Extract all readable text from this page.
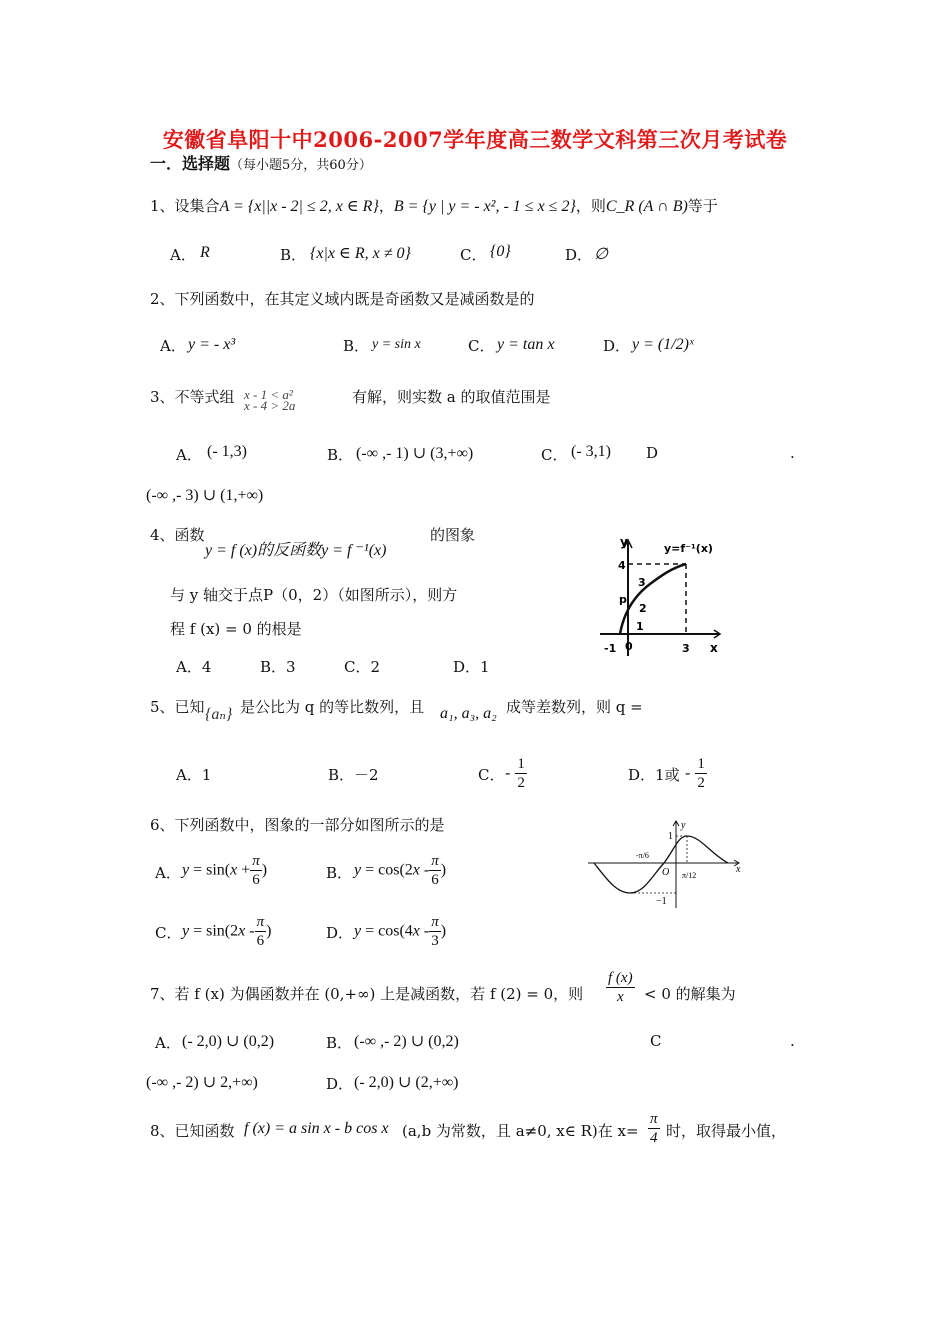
安徽省阜阳十中2006-2007学年度高三数学文科第三次月考试卷
一．选择题（每小题5分，共60分）
1、设集合A = {x||x - 2| ≤ 2, x ∈ R}，B = {y | y = - x², - 1 ≤ x ≤ 2}，则C_R (A ∩ B)等于
A． R	B． {x|x ∈ R, x ≠ 0}	C． {0}	D． ∅
2、下列函数中，在其定义域内既是奇函数又是减函数是的
A． y = - x³	B． y = sin x	C． y = tan x	D． y = (1/2)ˣ
3、不等式组 x - 1 < a²
x - 4 > 2a	有解，则实数 a 的取值范围是
A． (- 1,3)	B． (-∞ ,- 1) ∪ (3,+∞)	C． (- 3,1) D	.
(-∞ ,- 3) ∪ (1,+∞)
4、函数
y = f (x)的反函数y = f ⁻¹(x)
的图象
与 y 轴交于点P（0，2）（如图所示），则方
程 f (x) = 0 的根是
A．4	B．3	C．2	D．1
y
x
y=f⁻¹(x)
4
3
p
2
1
-1 0	3
5、已知 {aₙ} 是公比为 q 的等比数列，且 a₁, a₃, a₂ 成等差数列，则 q =
A．1	B．－2	C． - $\frac{1}{2}$	D．1或 - $\frac{1}{2}$
6、下列函数中，图象的一部分如图所示的是
A． $y = \sin(x + \frac{\pi}{6}$ )	B． $y = \cos(2x - \frac{\pi}{6}$ )
C． $y = \sin(2x - \frac{\pi}{6}$ )	D． $y = \cos(4x - \frac{\pi}{3}$ )
y
x
1
-π/6
O π/12
−1
7、若 f (x) 为偶函数并在 (0,+∞) 上是减函数，若 f (2) = 0，则 $\frac{f (x)}{x} < 0$ 的解集为
A． (- 2,0) ∪ (0,2)	B． (-∞ ,- 2) ∪ (0,2)	C	.
(-∞ ,- 2) ∪ 2,+∞)	D． (- 2,0) ∪ (2,+∞)
8、已知函数 f (x) = a sin x - b cos x (a,b 为常数，且 a≠0, x∈ R)在 $x= \frac{\pi}{4}$ 时，取得最小值，
